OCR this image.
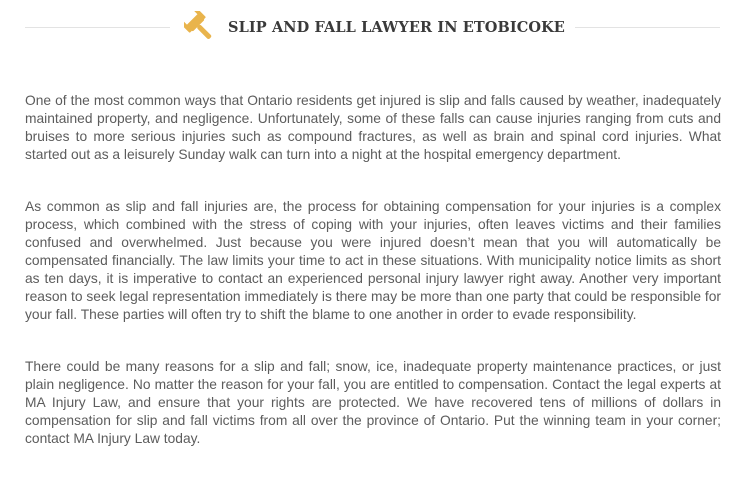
SLIP AND FALL LAWYER IN ETOBICOKE

One of the most common ways that Ontario residents get injured is slip and falls caused by weather, inadequately maintained property, and negligence. Unfortunately, some of these falls can cause injuries ranging from cuts and bruises to more serious injuries such as compound fractures, as well as brain and spinal cord injuries. What started out as a leisurely Sunday walk can turn into a night at the hospital emergency department.

As common as slip and fall injuries are, the process for obtaining compensation for your injuries is a complex process, which combined with the stress of coping with your injuries, often leaves victims and their families confused and overwhelmed. Just because you were injured doesn’t mean that you will automatically be compensated financially. The law limits your time to act in these situations. With municipality notice limits as short as ten days, it is imperative to contact an experienced personal injury lawyer right away. Another very important reason to seek legal representation immediately is there may be more than one party that could be responsible for your fall. These parties will often try to shift the blame to one another in order to evade responsibility.

There could be many reasons for a slip and fall; snow, ice, inadequate property maintenance practices, or just plain negligence. No matter the reason for your fall, you are entitled to compensation. Contact the legal experts at MA Injury Law, and ensure that your rights are protected. We have recovered tens of millions of dollars in compensation for slip and fall victims from all over the province of Ontario. Put the winning team in your corner; contact MA Injury Law today.
